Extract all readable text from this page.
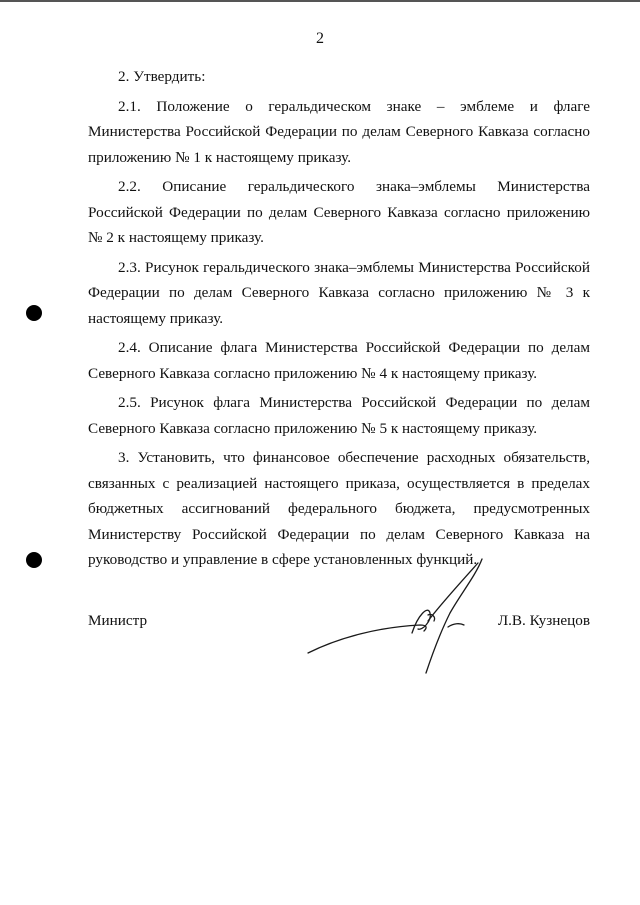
2

2. Утвердить:

2.1. Положение о геральдическом знаке – эмблеме и флаге Министерства Российской Федерации по делам Северного Кавказа согласно приложению № 1 к настоящему приказу.

2.2. Описание геральдического знака–эмблемы Министерства Российской Федерации по делам Северного Кавказа согласно приложению № 2 к настоящему приказу.

2.3. Рисунок геральдического знака–эмблемы Министерства Российской Федерации по делам Северного Кавказа согласно приложению № 3 к настоящему приказу.

2.4. Описание флага Министерства Российской Федерации по делам Северного Кавказа согласно приложению № 4 к настоящему приказу.

2.5. Рисунок флага Министерства Российской Федерации по делам Северного Кавказа согласно приложению № 5 к настоящему приказу.

3. Установить, что финансовое обеспечение расходных обязательств, связанных с реализацией настоящего приказа, осуществляется в пределах бюджетных ассигнований федерального бюджета, предусмотренных Министерству Российской Федерации по делам Северного Кавказа на руководство и управление в сфере установленных функций.

Министр	Л.В. Кузнецов
